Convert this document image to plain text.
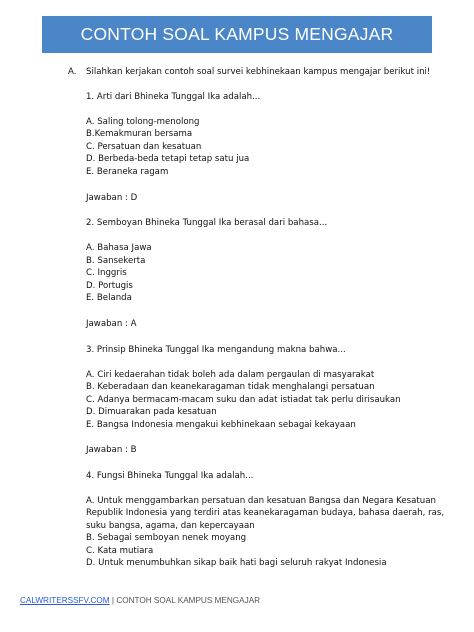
CONTOH SOAL KAMPUS MENGAJAR
A. Silahkan kerjakan contoh soal survei kebhinekaan kampus mengajar berikut ini!
1. Arti dari Bhineka Tunggal Ika adalah...
A. Saling tolong-menolong
B.Kemakmuran bersama
C. Persatuan dan kesatuan
D. Berbeda-beda tetapi tetap satu jua
E. Beraneka ragam
Jawaban : D
2. Semboyan Bhineka Tunggal Ika berasal dari bahasa...
A. Bahasa Jawa
B. Sansekerta
C. Inggris
D. Portugis
E. Belanda
Jawaban : A
3. Prinsip Bhineka Tunggal Ika mengandung makna bahwa...
A. Ciri kedaerahan tidak boleh ada dalam pergaulan di masyarakat
B. Keberadaan dan keanekaragaman tidak menghalangi persatuan
C. Adanya bermacam-macam suku dan adat istiadat tak perlu dirisaukan
D. Dimuarakan pada kesatuan
E. Bangsa Indonesia mengakui kebhinekaan sebagai kekayaan
Jawaban : B
4. Fungsi Bhineka Tunggal Ika adalah...
A. Untuk menggambarkan persatuan dan kesatuan Bangsa dan Negara Kesatuan
Republik Indonesia yang terdiri atas keanekaragaman budaya, bahasa daerah, ras,
suku bangsa, agama, dan kepercayaan
B. Sebagai semboyan nenek moyang
C. Kata mutiara
D. Untuk menumbuhkan sikap baik hati bagi seluruh rakyat Indonesia
CALWRITERSSFV.COM | CONTOH SOAL KAMPUS MENGAJAR
